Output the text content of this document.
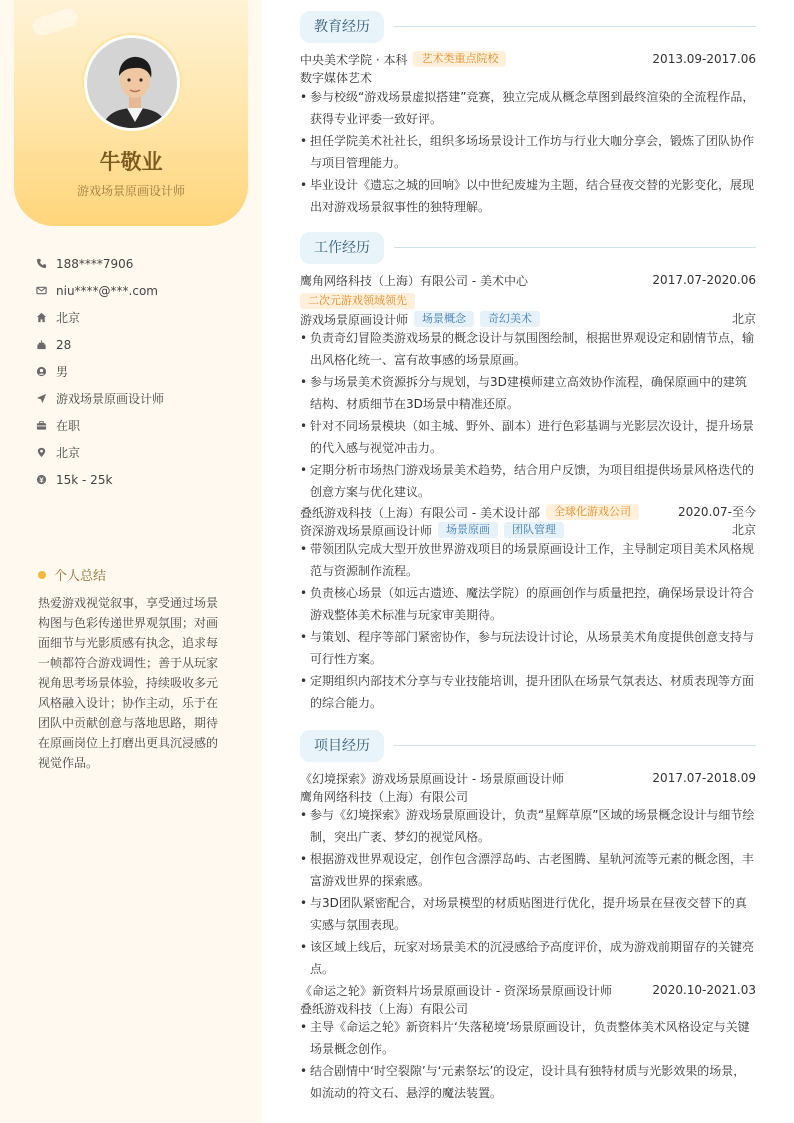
牛敬业
游戏场景原画设计师
188****7906
niu****@***.com
北京
28
男
游戏场景原画设计师
在职
北京
15k - 25k
个人总结
热爱游戏视觉叙事，享受通过场景构图与色彩传递世界观氛围；对画面细节与光影质感有执念，追求每一帧都符合游戏调性；善于从玩家视角思考场景体验，持续吸收多元风格融入设计；协作主动，乐于在团队中贡献创意与落地思路，期待在原画岗位上打磨出更具沉浸感的视觉作品。
教育经历
中央美术学院 · 本科	艺术类重点院校	2013.09-2017.06
数字媒体艺术
• 参与校级“游戏场景虚拟搭建”竞赛，独立完成从概念草图到最终渲染的全流程作品，获得专业评委一致好评。
• 担任学院美术社社长，组织多场场景设计工作坊与行业大咖分享会，锻炼了团队协作与项目管理能力。
• 毕业设计《遗忘之城的回响》以中世纪废墟为主题，结合昼夜交替的光影变化，展现出对游戏场景叙事性的独特理解。
工作经历
鹰角网络科技（上海）有限公司 - 美术中心	2017.07-2020.06
二次元游戏领域领先
游戏场景原画设计师	场景概念	奇幻美术	北京
• 负责奇幻冒险类游戏场景的概念设计与氛围图绘制，根据世界观设定和剧情节点，输出风格化统一、富有故事感的场景原画。
• 参与场景美术资源拆分与规划，与3D建模师建立高效协作流程，确保原画中的建筑结构、材质细节在3D场景中精准还原。
• 针对不同场景模块（如主城、野外、副本）进行色彩基调与光影层次设计，提升场景的代入感与视觉冲击力。
• 定期分析市场热门游戏场景美术趋势，结合用户反馈，为项目组提供场景风格迭代的创意方案与优化建议。
叠纸游戏科技（上海）有限公司 - 美术设计部	全球化游戏公司	2020.07-至今
资深游戏场景原画设计师	场景原画	团队管理	北京
• 带领团队完成大型开放世界游戏项目的场景原画设计工作，主导制定项目美术风格规范与资源制作流程。
• 负责核心场景（如远古遗迹、魔法学院）的原画创作与质量把控，确保场景设计符合游戏整体美术标准与玩家审美期待。
• 与策划、程序等部门紧密协作，参与玩法设计讨论，从场景美术角度提供创意支持与可行性方案。
• 定期组织内部技术分享与专业技能培训，提升团队在场景气氛表达、材质表现等方面的综合能力。
项目经历
《幻境探索》游戏场景原画设计 - 场景原画设计师	2017.07-2018.09
鹰角网络科技（上海）有限公司
• 参与《幻境探索》游戏场景原画设计，负责“星辉草原”区域的场景概念设计与细节绘制，突出广袤、梦幻的视觉风格。
• 根据游戏世界观设定，创作包含漂浮岛屿、古老图腾、星轨河流等元素的概念图，丰富游戏世界的探索感。
• 与3D团队紧密配合，对场景模型的材质贴图进行优化，提升场景在昼夜交替下的真实感与氛围表现。
• 该区域上线后，玩家对场景美术的沉浸感给予高度评价，成为游戏前期留存的关键亮点。
《命运之轮》新资料片场景原画设计 - 资深场景原画设计师	2020.10-2021.03
叠纸游戏科技（上海）有限公司
• 主导《命运之轮》新资料片‘失落秘境’场景原画设计，负责整体美术风格设定与关键场景概念创作。
• 结合剧情中‘时空裂隙’与‘元素祭坛’的设定，设计具有独特材质与光影效果的场景，如流动的符文石、悬浮的魔法装置。
